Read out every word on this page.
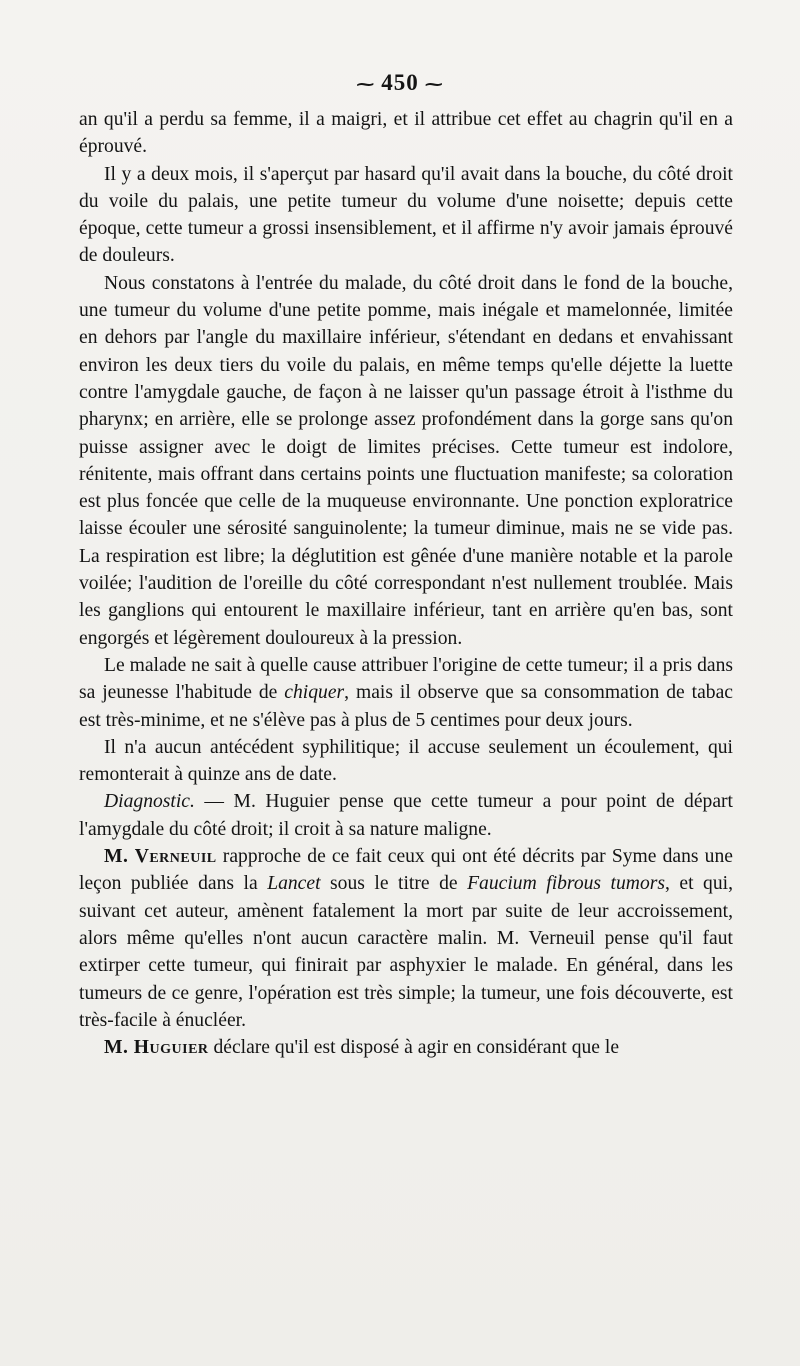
⁓ 450 ⁓

an qu'il a perdu sa femme, il a maigri, et il attribue cet effet au chagrin qu'il en a éprouvé.

Il y a deux mois, il s'aperçut par hasard qu'il avait dans la bouche, du côté droit du voile du palais, une petite tumeur du volume d'une noisette; depuis cette époque, cette tumeur a grossi insensiblement, et il affirme n'y avoir jamais éprouvé de douleurs.

Nous constatons à l'entrée du malade, du côté droit dans le fond de la bouche, une tumeur du volume d'une petite pomme, mais inégale et mamelonnée, limitée en dehors par l'angle du maxillaire inférieur, s'étendant en dedans et envahissant environ les deux tiers du voile du palais, en même temps qu'elle déjette la luette contre l'amygdale gauche, de façon à ne laisser qu'un passage étroit à l'isthme du pharynx; en arrière, elle se prolonge assez profondément dans la gorge sans qu'on puisse assigner avec le doigt de limites précises. Cette tumeur est indolore, rénitente, mais offrant dans certains points une fluctuation manifeste; sa coloration est plus foncée que celle de la muqueuse environnante. Une ponction exploratrice laisse écouler une sérosité sanguinolente; la tumeur diminue, mais ne se vide pas. La respiration est libre; la déglutition est gênée d'une manière notable et la parole voilée; l'audition de l'oreille du côté correspondant n'est nullement troublée. Mais les ganglions qui entourent le maxillaire inférieur, tant en arrière qu'en bas, sont engorgés et légèrement douloureux à la pression.

Le malade ne sait à quelle cause attribuer l'origine de cette tumeur; il a pris dans sa jeunesse l'habitude de chiquer, mais il observe que sa consommation de tabac est très-minime, et ne s'élève pas à plus de 5 centimes pour deux jours.

Il n'a aucun antécédent syphilitique; il accuse seulement un écoulement, qui remonterait à quinze ans de date.

Diagnostic. — M. Huguier pense que cette tumeur a pour point de départ l'amygdale du côté droit; il croit à sa nature maligne.

M. Verneuil rapproche de ce fait ceux qui ont été décrits par Syme dans une leçon publiée dans la Lancet sous le titre de Faucium fibrous tumors, et qui, suivant cet auteur, amènent fatalement la mort par suite de leur accroissement, alors même qu'elles n'ont aucun caractère malin. M. Verneuil pense qu'il faut extirper cette tumeur, qui finirait par asphyxier le malade. En général, dans les tumeurs de ce genre, l'opération est très simple; la tumeur, une fois découverte, est très-facile à énucléer.

M. Huguier déclare qu'il est disposé à agir en considérant que le
